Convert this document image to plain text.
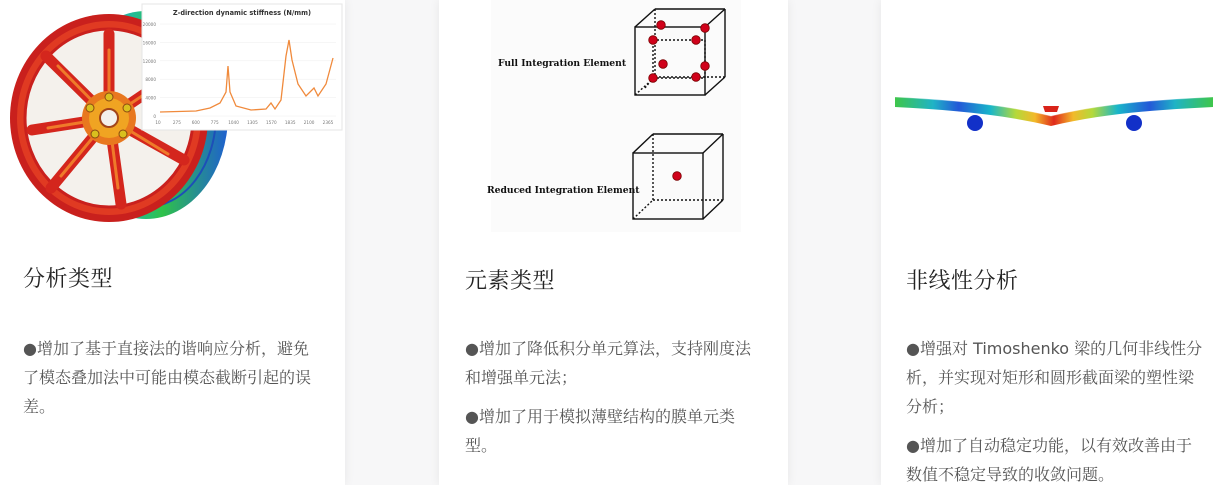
Z-direction dynamic stiffness (N/mm)
0
4000
8000
12000
16000
20000
10	275	600	775 1040 1305 1570 1835 2100 2365
分析类型

●增加了基于直接法的谐响应分析，避免了模态叠加法中可能由模态截断引起的误差。

Full Integration Element
Reduced Integration Element
元素类型

●增加了降低积分单元算法，支持刚度法和增强单元法；

●增加了用于模拟薄壁结构的膜单元类型。

非线性分析

●增强对 Timoshenko 梁的几何非线性分析，并实现对矩形和圆形截面梁的塑性梁分析；

●增加了自动稳定功能，以有效改善由于数值不稳定导致的收敛问题。
